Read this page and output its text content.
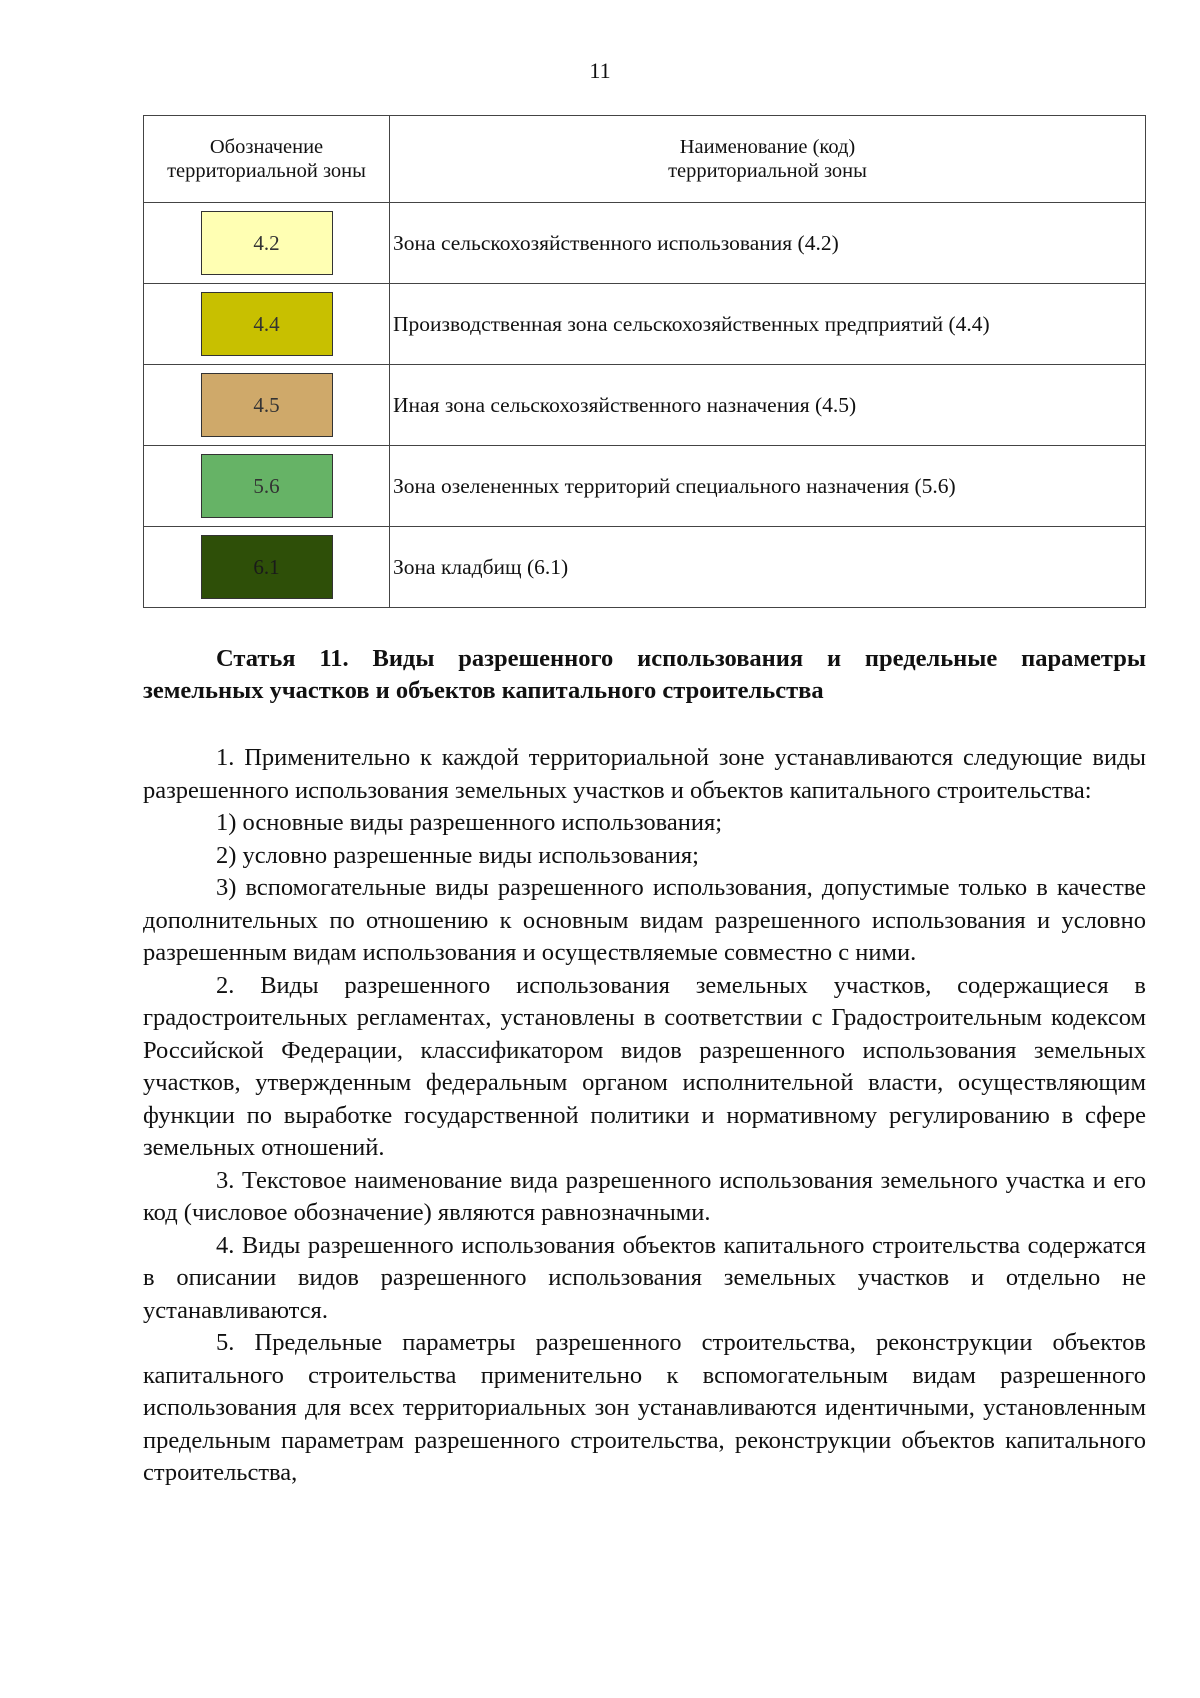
11
Обозначение территориальной зоны	Наименование (код) территориальной зоны

4.2	Зона сельскохозяйственного использования (4.2)

4.4	Производственная зона сельскохозяйственных предприятий (4.4)

4.5	Иная зона сельскохозяйственного назначения (4.5)

5.6	Зона озелененных территорий специального назначения (5.6)

6.1	Зона кладбищ (6.1)
Статья 11. Виды разрешенного использования и предельные параметры земельных участков и объектов капитального строительства

1. Применительно к каждой территориальной зоне устанавливаются следующие виды разрешенного использования земельных участков и объектов капитального строительства:

1) основные виды разрешенного использования;

2) условно разрешенные виды использования;

3) вспомогательные виды разрешенного использования, допустимые только в качестве дополнительных по отношению к основным видам разрешенного использования и условно разрешенным видам использования и осуществляемые совместно с ними.

2. Виды разрешенного использования земельных участков, содержащиеся в градостроительных регламентах, установлены в соответствии с Градостроительным кодексом Российской Федерации, классификатором видов разрешенного использования земельных участков, утвержденным федеральным органом исполнительной власти, осуществляющим функции по выработке государственной политики и нормативному регулированию в сфере земельных отношений.

3. Текстовое наименование вида разрешенного использования земельного участка и его код (числовое обозначение) являются равнозначными.

4. Виды разрешенного использования объектов капитального строительства содержатся в описании видов разрешенного использования земельных участков и отдельно не устанавливаются.

5. Предельные параметры разрешенного строительства, реконструкции объектов капитального строительства применительно к вспомогательным видам разрешенного использования для всех территориальных зон устанавливаются идентичными, установленным предельным параметрам разрешенного строительства, реконструкции объектов капитального строительства,
